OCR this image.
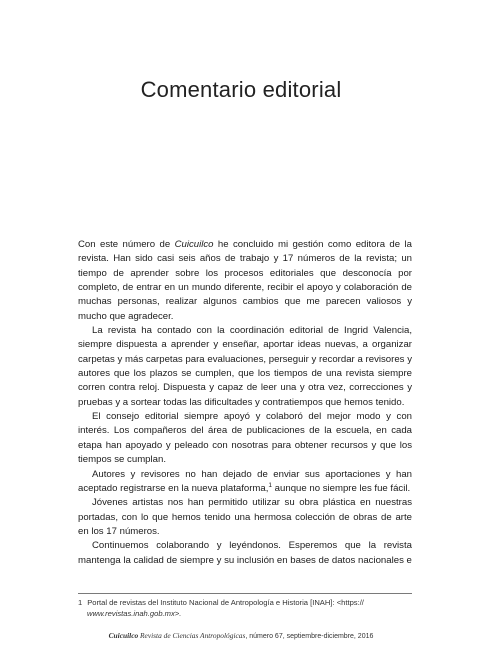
Comentario editorial

Con este número de Cuicuilco he concluido mi gestión como editora de la revista. Han sido casi seis años de trabajo y 17 números de la revista; un tiempo de aprender sobre los procesos editoriales que desconocía por completo, de entrar en un mundo diferente, recibir el apoyo y colaboración de muchas personas, realizar algunos cambios que me parecen valiosos y mucho que agradecer.

La revista ha contado con la coordinación editorial de Ingrid Valencia, siempre dispuesta a aprender y enseñar, aportar ideas nuevas, a organizar carpetas y más carpetas para evaluaciones, perseguir y recordar a revisores y autores que los plazos se cumplen, que los tiempos de una revista siempre corren contra reloj. Dispuesta y capaz de leer una y otra vez, correcciones y pruebas y a sortear todas las dificultades y contratiempos que hemos tenido.

El consejo editorial siempre apoyó y colaboró del mejor modo y con interés. Los compañeros del área de publicaciones de la escuela, en cada etapa han apoyado y peleado con nosotras para obtener recursos y que los tiempos se cumplan.

Autores y revisores no han dejado de enviar sus aportaciones y han aceptado registrarse en la nueva plataforma,$^1$ aunque no siempre les fue fácil.

Jóvenes artistas nos han permitido utilizar su obra plástica en nuestras portadas, con lo que hemos tenido una hermosa colección de obras de arte en los 17 números.

Continuemos colaborando y leyéndonos. Esperemos que la revista mantenga la calidad de siempre y su inclusión en bases de datos nacionales e

1 Portal de revistas del Instituto Nacional de Antropología e Historia [INAH]: <https://
www.revistas.inah.gob.mx>.
Cuicuilco Revista de Ciencias Antropológicas, número 67, septiembre-diciembre, 2016
